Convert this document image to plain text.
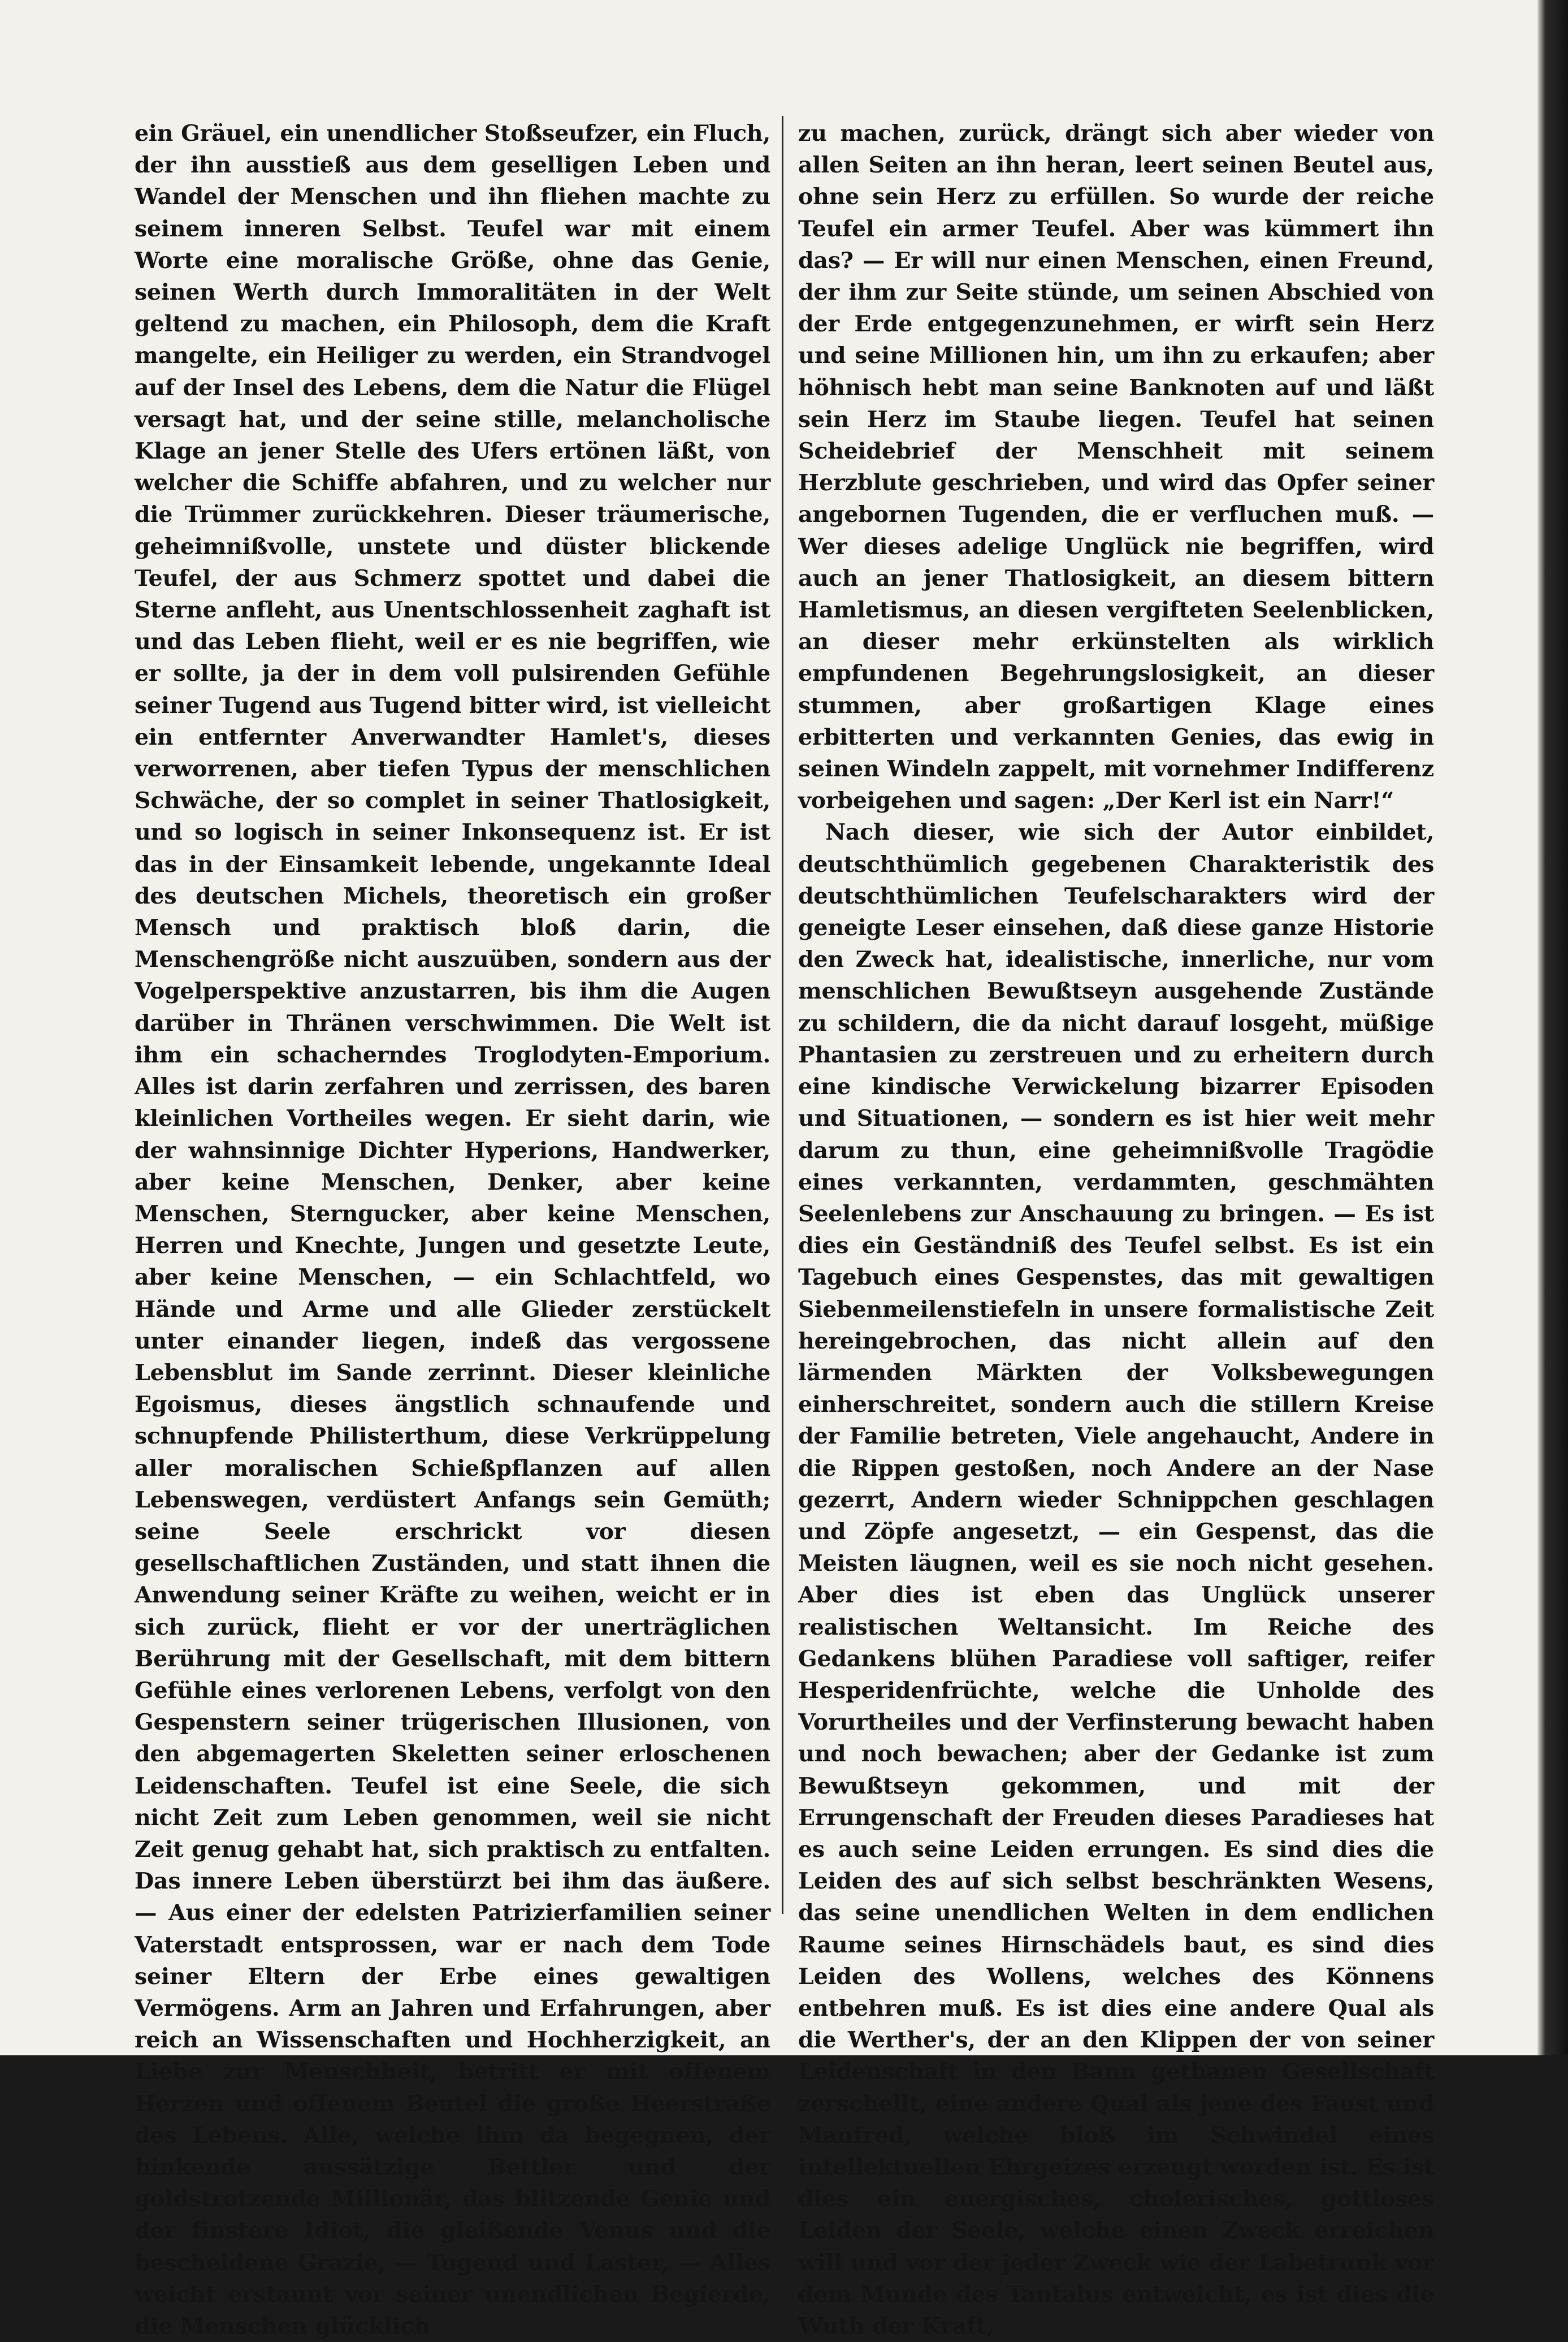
ein Gräuel, ein unendlicher Stoßseufzer, ein Fluch, der ihn ausstieß aus dem geselligen Leben und Wandel der Menschen und ihn fliehen machte zu seinem inneren Selbst. Teufel war mit einem Worte eine moralische Größe, ohne das Genie, seinen Werth durch Immoralitäten in der Welt geltend zu machen, ein Philosoph, dem die Kraft mangelte, ein Heiliger zu werden, ein Strandvogel auf der Insel des Lebens, dem die Natur die Flügel versagt hat, und der seine stille, melancholische Klage an jener Stelle des Ufers ertönen läßt, von welcher die Schiffe abfahren, und zu welcher nur die Trümmer zurückkehren. Dieser träumerische, geheimnißvolle, unstete und düster blickende Teufel, der aus Schmerz spottet und dabei die Sterne anfleht, aus Unentschlossenheit zaghaft ist und das Leben flieht, weil er es nie begriffen, wie er sollte, ja der in dem voll pulsirenden Gefühle seiner Tugend aus Tugend bitter wird, ist vielleicht ein entfernter Anverwandter Hamlet's, dieses verworrenen, aber tiefen Typus der menschlichen Schwäche, der so complet in seiner Thatlosigkeit, und so logisch in seiner Inkonsequenz ist. Er ist das in der Einsamkeit lebende, ungekannte Ideal des deutschen Michels, theoretisch ein großer Mensch und praktisch bloß darin, die Menschengröße nicht auszuüben, sondern aus der Vogelperspektive anzustarren, bis ihm die Augen darüber in Thränen verschwimmen. Die Welt ist ihm ein schacherndes Troglodyten-Emporium. Alles ist darin zerfahren und zerrissen, des baren kleinlichen Vortheiles wegen. Er sieht darin, wie der wahnsinnige Dichter Hyperions, Handwerker, aber keine Menschen, Denker, aber keine Menschen, Sterngucker, aber keine Menschen, Herren und Knechte, Jungen und gesetzte Leute, aber keine Menschen, — ein Schlachtfeld, wo Hände und Arme und alle Glieder zerstückelt unter einander liegen, indeß das vergossene Lebensblut im Sande zerrinnt. Dieser kleinliche Egoismus, dieses ängstlich schnaufende und schnupfende Philisterthum, diese Verkrüppelung aller moralischen Schießpflanzen auf allen Lebenswegen, verdüstert Anfangs sein Gemüth; seine Seele erschrickt vor diesen gesellschaftlichen Zuständen, und statt ihnen die Anwendung seiner Kräfte zu weihen, weicht er in sich zurück, flieht er vor der unerträglichen Berührung mit der Gesellschaft, mit dem bittern Gefühle eines verlorenen Lebens, verfolgt von den Gespenstern seiner trügerischen Illusionen, von den abgemagerten Skeletten seiner erloschenen Leidenschaften. Teufel ist eine Seele, die sich nicht Zeit zum Leben genommen, weil sie nicht Zeit genug gehabt hat, sich praktisch zu entfalten. Das innere Leben überstürzt bei ihm das äußere. — Aus einer der edelsten Patrizierfamilien seiner Vaterstadt entsprossen, war er nach dem Tode seiner Eltern der Erbe eines gewaltigen Vermögens. Arm an Jahren und Erfahrungen, aber reich an Wissenschaften und Hochherzigkeit, an Liebe zur Menschheit, betritt er mit offenem Herzen und offenem Beutel die große Heerstraße des Lebens. Alle, welche ihm da begegnen, der hinkende aussätzige Bettler und der goldstrotzende Millionär, das blitzende Genie und der finstere Idiot, die gleißende Venus und die bescheidene Grazie, — Tugend und Laster, — Alles weicht erstaunt vor seiner unendlichen Begierde, die Menschen glücklich

zu machen, zurück, drängt sich aber wieder von allen Seiten an ihn heran, leert seinen Beutel aus, ohne sein Herz zu erfüllen. So wurde der reiche Teufel ein armer Teufel. Aber was kümmert ihn das? — Er will nur einen Menschen, einen Freund, der ihm zur Seite stünde, um seinen Abschied von der Erde entgegenzunehmen, er wirft sein Herz und seine Millionen hin, um ihn zu erkaufen; aber höhnisch hebt man seine Banknoten auf und läßt sein Herz im Staube liegen. Teufel hat seinen Scheidebrief der Menschheit mit seinem Herzblute geschrieben, und wird das Opfer seiner angebornen Tugenden, die er verfluchen muß. — Wer dieses adelige Unglück nie begriffen, wird auch an jener Thatlosigkeit, an diesem bittern Hamletismus, an diesen vergifteten Seelenblicken, an dieser mehr erkünstelten als wirklich empfundenen Begehrungslosigkeit, an dieser stummen, aber großartigen Klage eines erbitterten und verkannten Genies, das ewig in seinen Windeln zappelt, mit vornehmer Indifferenz vorbeigehen und sagen: „Der Kerl ist ein Narr!“

Nach dieser, wie sich der Autor einbildet, deutschthümlich gegebenen Charakteristik des deutschthümlichen Teufelscharakters wird der geneigte Leser einsehen, daß diese ganze Historie den Zweck hat, idealistische, innerliche, nur vom menschlichen Bewußtseyn ausgehende Zustände zu schildern, die da nicht darauf losgeht, müßige Phantasien zu zerstreuen und zu erheitern durch eine kindische Verwickelung bizarrer Episoden und Situationen, — sondern es ist hier weit mehr darum zu thun, eine geheimnißvolle Tragödie eines verkannten, verdammten, geschmähten Seelenlebens zur Anschauung zu bringen. — Es ist dies ein Geständniß des Teufel selbst. Es ist ein Tagebuch eines Gespenstes, das mit gewaltigen Siebenmeilenstiefeln in unsere formalistische Zeit hereingebrochen, das nicht allein auf den lärmenden Märkten der Volksbewegungen einherschreitet, sondern auch die stillern Kreise der Familie betreten, Viele angehaucht, Andere in die Rippen gestoßen, noch Andere an der Nase gezerrt, Andern wieder Schnippchen geschlagen und Zöpfe angesetzt, — ein Gespenst, das die Meisten läugnen, weil es sie noch nicht gesehen. Aber dies ist eben das Unglück unserer realistischen Weltansicht. Im Reiche des Gedankens blühen Paradiese voll saftiger, reifer Hesperidenfrüchte, welche die Unholde des Vorurtheiles und der Verfinsterung bewacht haben und noch bewachen; aber der Gedanke ist zum Bewußtseyn gekommen, und mit der Errungenschaft der Freuden dieses Paradieses hat es auch seine Leiden errungen. Es sind dies die Leiden des auf sich selbst beschränkten Wesens, das seine unendlichen Welten in dem endlichen Raume seines Hirnschädels baut, es sind dies Leiden des Wollens, welches des Könnens entbehren muß. Es ist dies eine andere Qual als die Werther's, der an den Klippen der von seiner Leidenschaft in den Bann gethanen Gesellschaft zerschellt, eine andere Qual als jene des Faust und Manfred, welche bloß im Schwindel eines intellektuellen Ehrgeizes erzeugt worden ist. Es ist dies ein energisches, cholerisches, gottloses Leiden der Seele, welche einen Zweck erreichen will und vor der jeder Zweck wie der Labetrunk vor dem Munde des Tantalus entweicht, es ist dies die Wuth der Kraft,
